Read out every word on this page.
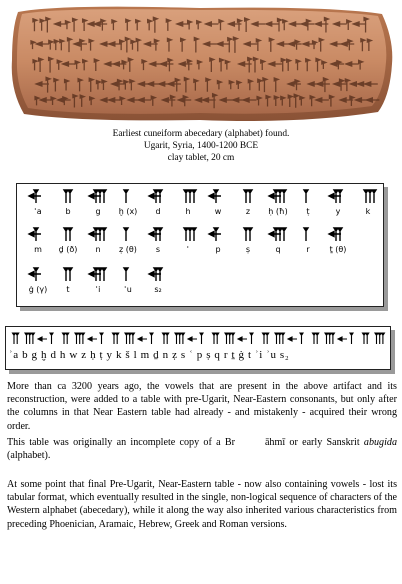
Earliest cuneiform abecedary (alphabet) found.
Ugarit, Syria, 1400-1200 BCE
clay tablet, 20 cm
ʾa	b	g	ḫ (x)	d	h	w	z	ḥ (ħ)	ṭ	y	k
m	ḏ (ð)	n	ẓ (θ)	s	ʿ	p	ṣ	q	r	ṯ (θ)
ġ (γ)	t	ʾi	ʾu	s₂
ʾa b g ḫ d h w z ḥ ṭ y k š l m ḏ n ẓ s ʿ p ṣ q r ṯ ġ t ʾi ʾu s₂
More than ca 3200 years ago, the vowels that are present in the above artifact and its reconstruction, were added to a table with pre-Ugarit, Near-Eastern consonants, but only after the columns in that Near Eastern table had already - and mistakenly - acquired their wrong order.
This table was originally an incomplete copy of a Br	āhmī or early Sanskrit abugida (alphabet).
At some point that final Pre-Ugarit, Near-Eastern table - now also containing vowels - lost its tabular format, which eventually resulted in the single, non-logical sequence of characters of the Western alphabet (abecedary), while it along the way also inherited various characteristics from preceding Phoenician, Aramaic, Hebrew, Greek and Roman versions.
